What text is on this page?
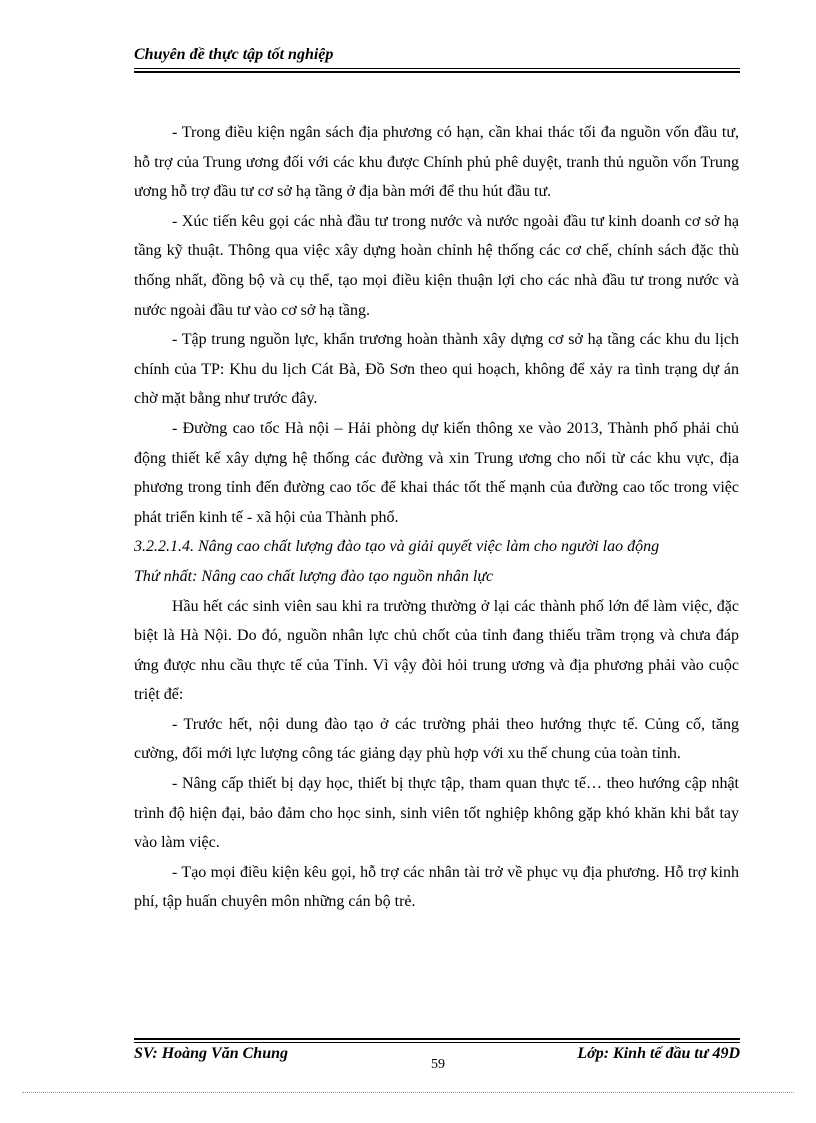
Chuyên đề thực tập tốt nghiệp

- Trong điều kiện ngân sách địa phương có hạn, cần khai thác tối đa nguồn vốn đầu tư, hỗ trợ của Trung ương đối với các khu được Chính phủ phê duyệt, tranh thủ nguồn vốn Trung ương hỗ trợ đầu tư cơ sở hạ tầng ở địa bàn mới để thu hút đầu tư.

- Xúc tiến kêu gọi các nhà đầu tư trong nước và nước ngoài đầu tư kinh doanh cơ sở hạ tầng kỹ thuật. Thông qua việc xây dựng hoàn chỉnh hệ thống các cơ chế, chính sách đặc thù thống nhất, đồng bộ và cụ thể, tạo mọi điều kiện thuận lợi cho các nhà đầu tư trong nước và nước ngoài đầu tư vào cơ sở hạ tầng.

- Tập trung nguồn lực, khẩn trương hoàn thành xây dựng cơ sở hạ tầng các khu du lịch chính của TP: Khu du lịch Cát Bà, Đồ Sơn theo qui hoạch, không để xảy ra tình trạng dự án chờ mặt bằng như trước đây.

- Đường cao tốc Hà nội – Hải phòng dự kiến thông xe vào 2013, Thành phố phải chủ động thiết kế xây dựng hệ thống các đường và xin Trung ương cho nối từ các khu vực, địa phương trong tỉnh đến đường cao tốc để khai thác tốt thế mạnh của đường cao tốc trong việc phát triển kinh tế - xã hội của Thành phố.

3.2.2.1.4. Nâng cao chất lượng đào tạo và giải quyết việc làm cho người lao động

Thứ nhất: Nâng cao chất lượng đào tạo nguồn nhân lực

Hầu hết các sinh viên sau khi ra trường thường ở lại các thành phố lớn để làm việc, đặc biệt là Hà Nội. Do đó, nguồn nhân lực chủ chốt của tỉnh đang thiếu trầm trọng và chưa đáp ứng được nhu cầu thực tế của Tỉnh. Vì vậy đòi hỏi trung ương và địa phương phải vào cuộc triệt để:

- Trước hết, nội dung đào tạo ở các trường phải theo hướng thực tế. Củng cố, tăng cường, đổi mới lực lượng công tác giảng dạy phù hợp với xu thế chung của toàn tỉnh.

- Nâng cấp thiết bị dạy học, thiết bị thực tập, tham quan thực tế… theo hướng cập nhật trình độ hiện đại, bảo đảm cho học sinh, sinh viên tốt nghiệp không gặp khó khăn khi bắt tay vào làm việc.

- Tạo mọi điều kiện kêu gọi, hỗ trợ các nhân tài trở về phục vụ địa phương. Hỗ trợ kinh phí, tập huấn chuyên môn những cán bộ trẻ.

SV: Hoàng Văn Chung	Lớp: Kinh tế đầu tư 49D
59
